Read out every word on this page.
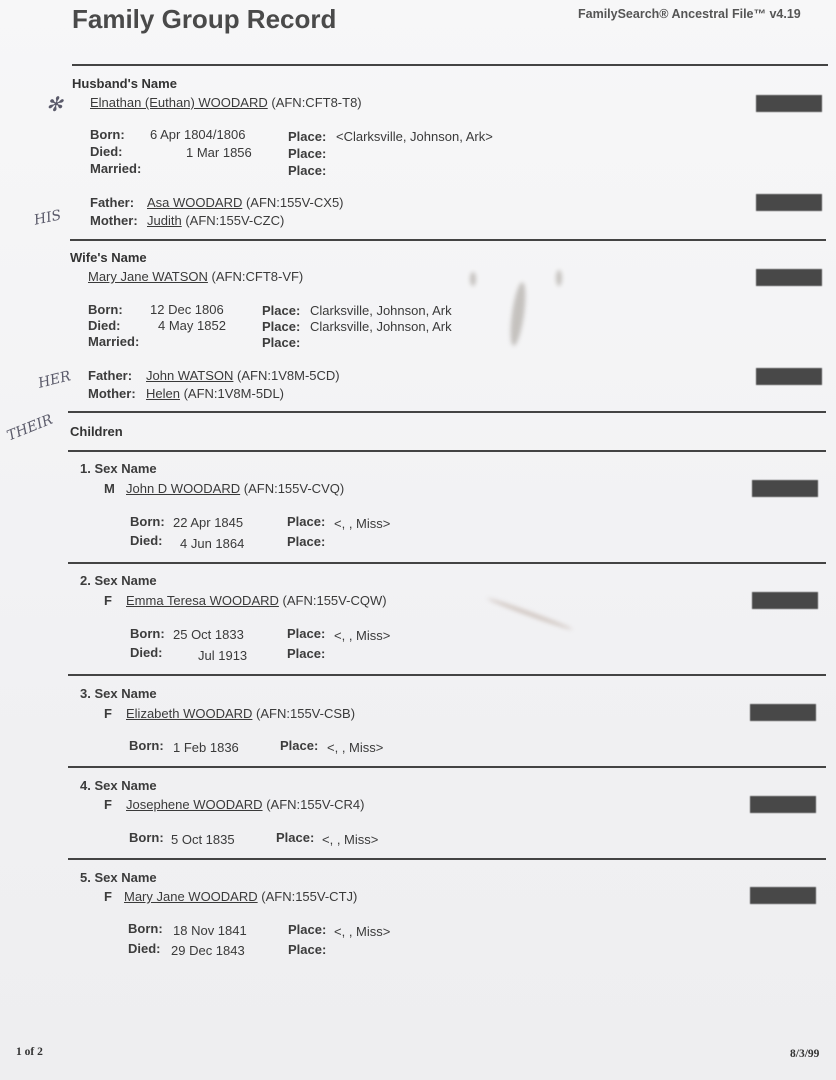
Family Group Record	FamilySearch® Ancestral File™ v4.19
Husband's Name
Elnathan (Euthan) WOODARD (AFN:CFT8-T8)
Born: 6 Apr 1804/1806	Place: <Clarksville, Johnson, Ark>
Died:	1 Mar 1856	Place:
Married:	Place:
Father: Asa WOODARD (AFN:155V-CX5)
Mother: Judith (AFN:155V-CZC)
Wife's Name
Mary Jane WATSON (AFN:CFT8-VF)
Born: 12 Dec 1806	Place: Clarksville, Johnson, Ark
Died:	4 May 1852	Place: Clarksville, Johnson, Ark
Married:	Place:
Father: John WATSON (AFN:1V8M-5CD)
Mother: Helen (AFN:1V8M-5DL)
Children
1. Sex Name
M John D WOODARD (AFN:155V-CVQ)
Born: 22 Apr 1845	Place: <, , Miss>
Died: 4 Jun 1864	Place:
2. Sex Name
F Emma Teresa WOODARD (AFN:155V-CQW)
Born: 25 Oct 1833	Place: <, , Miss>
Died:	Jul 1913	Place:
3. Sex Name
F Elizabeth WOODARD (AFN:155V-CSB)
Born: 1 Feb 1836	Place: <, , Miss>
4. Sex Name
F Josephene WOODARD (AFN:155V-CR4)
Born: 5 Oct 1835	Place: <, , Miss>
5. Sex Name
F Mary Jane WOODARD (AFN:155V-CTJ)
Born: 18 Nov 1841	Place: <, , Miss>
Died: 29 Dec 1843	Place:
✻
HIS
HER
THEIR
1 of 2	8/3/99
